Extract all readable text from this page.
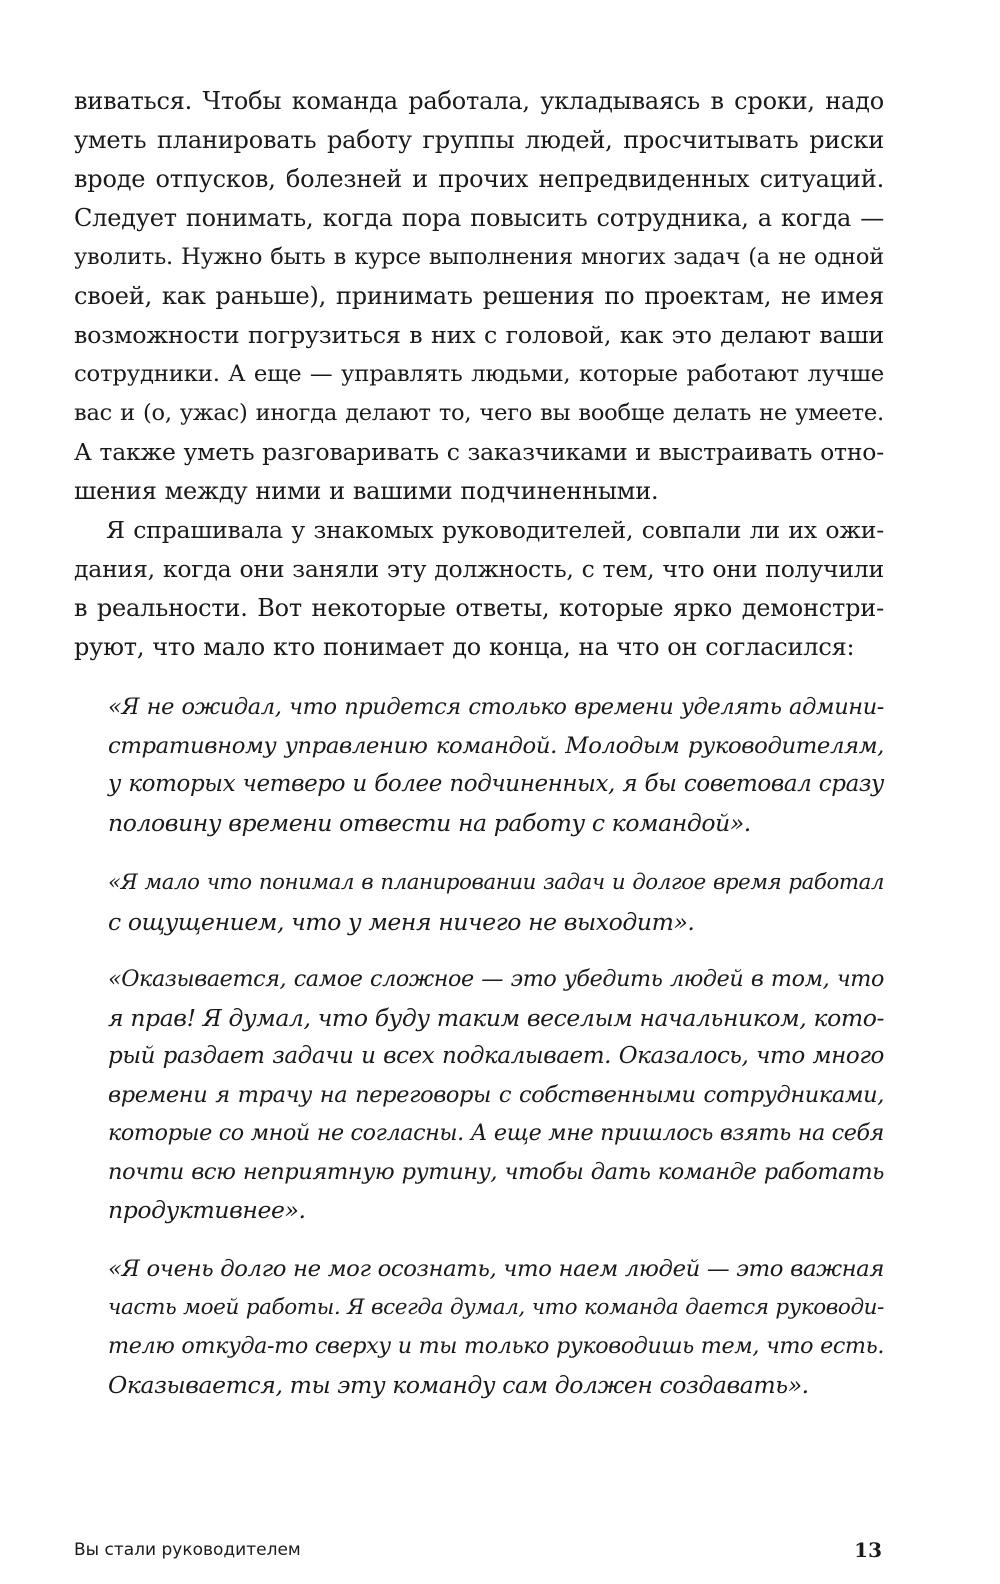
виваться. Чтобы команда работала, укладываясь в сроки, надо
уметь планировать работу группы людей, просчитывать риски
вроде отпусков, болезней и прочих непредвиденных ситуаций.
Следует понимать, когда пора повысить сотрудника, а когда —
уволить. Нужно быть в курсе выполнения многих задач (а не одной
своей, как раньше), принимать решения по проектам, не имея
возможности погрузиться в них с головой, как это делают ваши
сотрудники. А еще — управлять людьми, которые работают лучше
вас и (о, ужас) иногда делают то, чего вы вообще делать не умеете.
А также уметь разговаривать с заказчиками и выстраивать отно-
шения между ними и вашими подчиненными.
Я спрашивала у знакомых руководителей, совпали ли их ожи-
дания, когда они заняли эту должность, с тем, что они получили
в реальности. Вот некоторые ответы, которые ярко демонстри-
руют, что мало кто понимает до конца, на что он согласился:
«Я не ожидал, что придется столько времени уделять админи-
стративному управлению командой. Молодым руководителям,
у которых четверо и более подчиненных, я бы советовал сразу
половину времени отвести на работу с командой».
«Я мало что понимал в планировании задач и долгое время работал
с ощущением, что у меня ничего не выходит».
«Оказывается, самое сложное — это убедить людей в том, что
я прав! Я думал, что буду таким веселым начальником, кото-
рый раздает задачи и всех подкалывает. Оказалось, что много
времени я трачу на переговоры с собственными сотрудниками,
которые со мной не согласны. А еще мне пришлось взять на себя
почти всю неприятную рутину, чтобы дать команде работать
продуктивнее».
«Я очень долго не мог осознать, что наем людей — это важная
часть моей работы. Я всегда думал, что команда дается руководи-
телю откуда-то сверху и ты только руководишь тем, что есть.
Оказывается, ты эту команду сам должен создавать».
Вы стали руководителем	13
